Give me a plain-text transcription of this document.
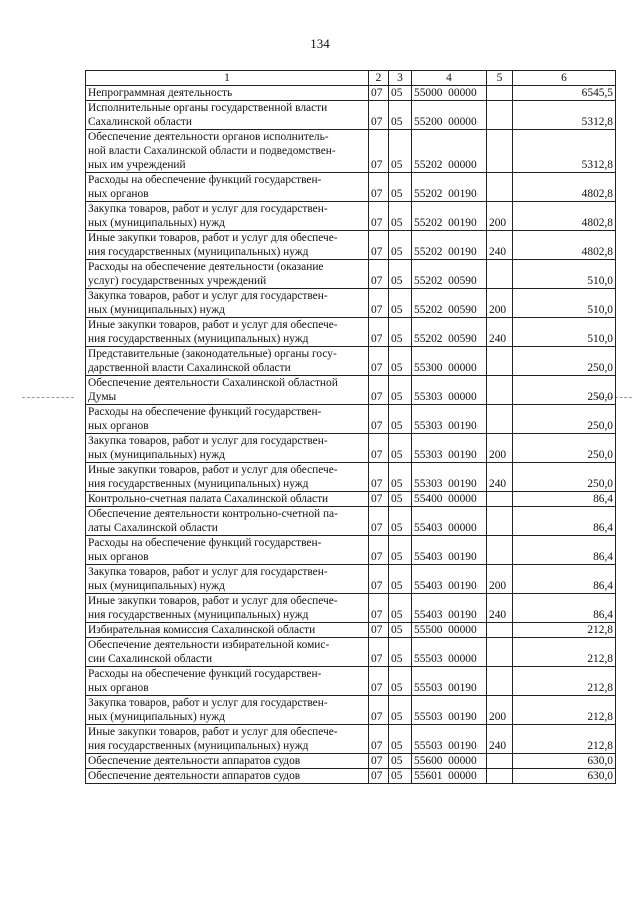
134
1	2	3	4	5	6
Непрограммная деятельность	07	05	55000  00000		6545,5
Исполнительные органы государственной власти
Сахалинской области	07	05	55200  00000		5312,8
Обеспечение деятельности органов исполнитель-
ной власти Сахалинской области и подведомствен-
ных им учреждений	07	05	55202  00000		5312,8
Расходы на обеспечение функций государствен-
ных органов	07	05	55202  00190		4802,8
Закупка товаров, работ и услуг для государствен-
ных (муниципальных) нужд	07	05	55202  00190	200	4802,8
Иные закупки товаров, работ и услуг для обеспече-
ния государственных (муниципальных) нужд	07	05	55202  00190	240	4802,8
Расходы на обеспечение деятельности (оказание
услуг) государственных учреждений	07	05	55202  00590		510,0
Закупка товаров, работ и услуг для государствен-
ных (муниципальных) нужд	07	05	55202  00590	200	510,0
Иные закупки товаров, работ и услуг для обеспече-
ния государственных (муниципальных) нужд	07	05	55202  00590	240	510,0
Представительные (законодательные) органы госу-
дарственной власти Сахалинской области	07	05	55300  00000		250,0
Обеспечение деятельности Сахалинской областной
Думы	07	05	55303  00000		250,0
Расходы на обеспечение функций государствен-
ных органов	07	05	55303  00190		250,0
Закупка товаров, работ и услуг для государствен-
ных (муниципальных) нужд	07	05	55303  00190	200	250,0
Иные закупки товаров, работ и услуг для обеспече-
ния государственных (муниципальных) нужд	07	05	55303  00190	240	250,0
Контрольно-счетная палата Сахалинской области	07	05	55400  00000		86,4
Обеспечение деятельности контрольно-счетной па-
латы Сахалинской области	07	05	55403  00000		86,4
Расходы на обеспечение функций государствен-
ных органов	07	05	55403  00190		86,4
Закупка товаров, работ и услуг для государствен-
ных (муниципальных) нужд	07	05	55403  00190	200	86,4
Иные закупки товаров, работ и услуг для обеспече-
ния государственных (муниципальных) нужд	07	05	55403  00190	240	86,4
Избирательная комиссия Сахалинской области	07	05	55500  00000		212,8
Обеспечение деятельности избирательной комис-
сии Сахалинской области	07	05	55503  00000		212,8
Расходы на обеспечение функций государствен-
ных органов	07	05	55503  00190		212,8
Закупка товаров, работ и услуг для государствен-
ных (муниципальных) нужд	07	05	55503  00190	200	212,8
Иные закупки товаров, работ и услуг для обеспече-
ния государственных (муниципальных) нужд	07	05	55503  00190	240	212,8
Обеспечение деятельности аппаратов судов	07	05	55600  00000		630,0
Обеспечение деятельности аппаратов судов	07	05	55601  00000		630,0
